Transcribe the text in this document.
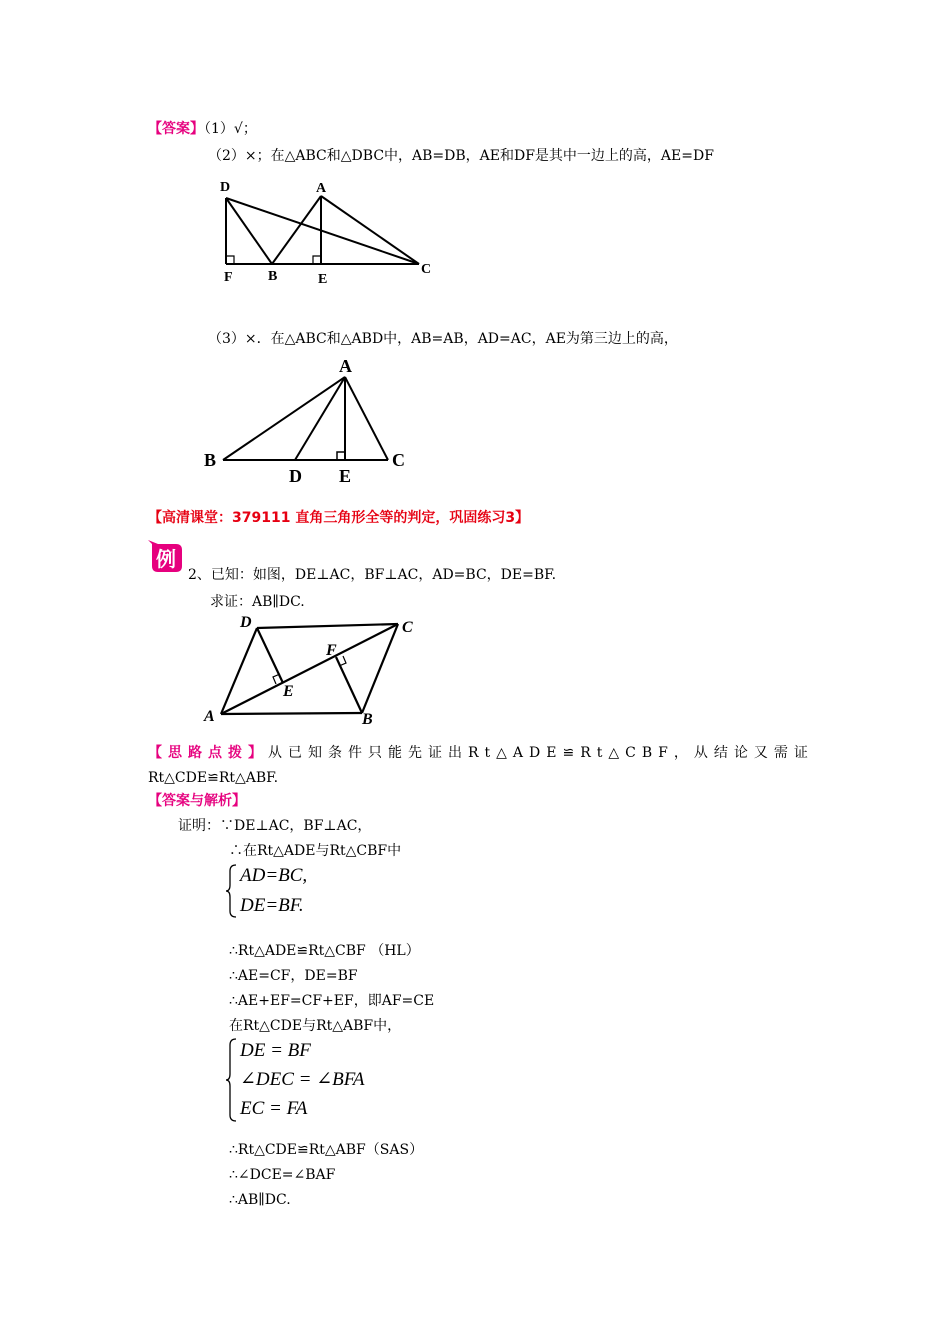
【答案】（1）√；
（2）×；在△ABC和△DBC中，AB=DB，AE和DF是其中一边上的高，AE=DF
D	A
F	B	E
C
（3）×．在△ABC和△ABD中，AB=AB，AD=AC，AE为第三边上的高，
A
B
D E
C
【高清课堂：379111 直角三角形全等的判定，巩固练习3】
例
2、已知：如图，DE⊥AC，BF⊥AC，AD=BC，DE=BF.
求证：AB∥DC.
D	C
F
E
A	B
【思路点拨】从已知条件只能先证出Rt△ADE≌Rt△CBF，从结论又需证
Rt△CDE≌Rt△ABF.
【答案与解析】
证明：∵DE⊥AC，BF⊥AC，
∴在Rt△ADE与Rt△CBF中
AD=BC,
DE=BF.
∴Rt△ADE≌Rt△CBF （HL）
∴AE=CF，DE=BF
∴AE+EF=CF+EF，即AF=CE
在Rt△CDE与Rt△ABF中，
DE = BF
∠DEC = ∠BFA
EC = FA
∴Rt△CDE≌Rt△ABF（SAS）
∴∠DCE=∠BAF
∴AB∥DC.
